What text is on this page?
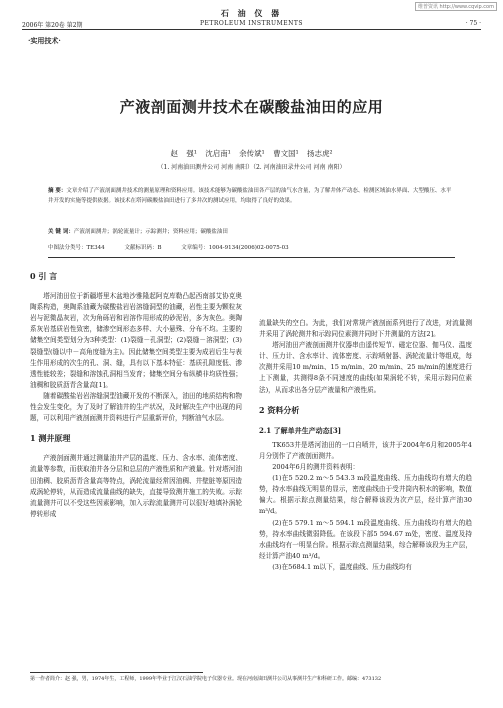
维普资讯 http://www.cqvip.com
石 油 仪 器
2006年 第20卷 第2期	PETROLEUM INSTRUMENTS	· 75 ·
·实用技术·
产液剖面测井技术在碳酸盐油田的应用
赵 强¹ 沈启南¹ 余传斌¹ 曹文国¹ 扬志虎²
（1. 河南油田测井公司 河南 南阳）（2. 河南油田录井公司 河南 南阳）
摘 要：文章介绍了产液剖面测井技术的测量原理和资料应用。该技术能够为碳酸盐油田各产层的油气水含量，为了解井体产动态、检测区域油水界面、大型酸压、水平井开发的实施等提供依据。该技术在塔河碳酸盐油田进行了多井次的测试应用，均取得了良好的效果。
关 键 词：产液剖面测井；涡轮流量计；示踪测井；资料应用；碳酸盐油田
中图法分类号：TE344	文献标识码：B	文章编号：1004-9134(2006)02-0075-03
0 引 言

塔河油田位于新疆塔里木盆地沙雅隆起阿克库勒凸起西南部艾协克奥陶系构造，奥陶系油藏为碳酸盐岩岩溶缝洞型的油藏，岩性主要为颗粒灰岩与泥微晶灰岩，次为角砾岩和岩溶作用形成的砂泥岩，多为灰色。奥陶系灰岩基质岩性致密，储渗空间形态多样、大小悬殊、分布不均。主要的储集空间类型划分为3种类型：(1)裂缝－孔洞型；(2)裂缝－溶洞型；(3)裂缝型(缝以中－高角度缝为主)。因此储集空间类型主要为成岩后生与表生作用形成的次生的孔、洞、缝，具有以下基本特征：基质孔隙度低、渗透性能较差；裂缝和溶蚀孔洞相当发育；储集空间分布纵横非均质性强；油稠和胶质沥青含量高[1]。

随着碳酸盐岩岩溶缝洞型油藏开发的不断深入，油田的地质结构和物性会发生变化，为了及时了解油井的生产状况，及时解决生产中出现的问题，可以利用产液剖面测井资料进行产层重新评价，判断油气水层。

1 测井原理

产液剖面测井通过测量油井产层的温度、压力、含水率、流体密度、流量等参数，而获取油井各分层和总层的产液性质和产液量。针对塔河油田油稠、胶质沥青含量高等特点，涡轮流量经常因油稠、井壁脏等原因造成涡轮停转，从而造成流量曲线的缺失，直接导致测井施工的失败。示踪流量测井可以不受这些因素影响，加入示踪流量测井可以很好地填补涡轮停转形成

流量缺失的空白。为此，我们对常规产液剖面系列进行了改进，对流量测井采用了涡轮测井和示踪同位素测井同时下井测量的方法[2]。

塔河油田产液剖面测井仪器串由遥传短节、磁定位器、伽马仪、温度计、压力计、含水率计、流体密度、示踪喷射器、涡轮流量计等组成，每次测井采用10 m/min、15 m/min、20 m/min、25 m/min的速度进行上下测量，共测得8条不同速度的曲线(如果涡轮不转，采用示踪同位素法)，从而求出各分层产液量和产液性质。

2 资料分析
2.1 了解单井生产动态[3]

TK653井是塔河油田的一口自喷井，该井于2004年6月和2005年4月分别作了产液剖面测井。

2004年6月的测井资料表明：

(1)在5 520.2 m～5 543.3 m段温度曲线、压力曲线均有增大的趋势，持水率曲线无明显的显示，密度曲线由于受井筒内积水的影响，数值偏大。根据示踪点测量结果，综合解释该段为次产层，经计算产油30 m³/d。

(2)在5 579.1 m～5 594.1 m段温度曲线、压力曲线均有增大的趋势，持水率曲线微弱降低。在该段下部5 594.67 m处，密度、温度及持水曲线均有一明显台阶。根据示踪点测量结果，综合解释该段为主产层，经计算产油40 m³/d。

(3)在5684.1 m以下，温度曲线、压力曲线均有

第一作者简介：赵 强，男，1974年生，工程师，1999年毕业于江汉石油学院电子仪器专业。现在河南油田测井公司从事测井生产和科研工作。邮编：473132
